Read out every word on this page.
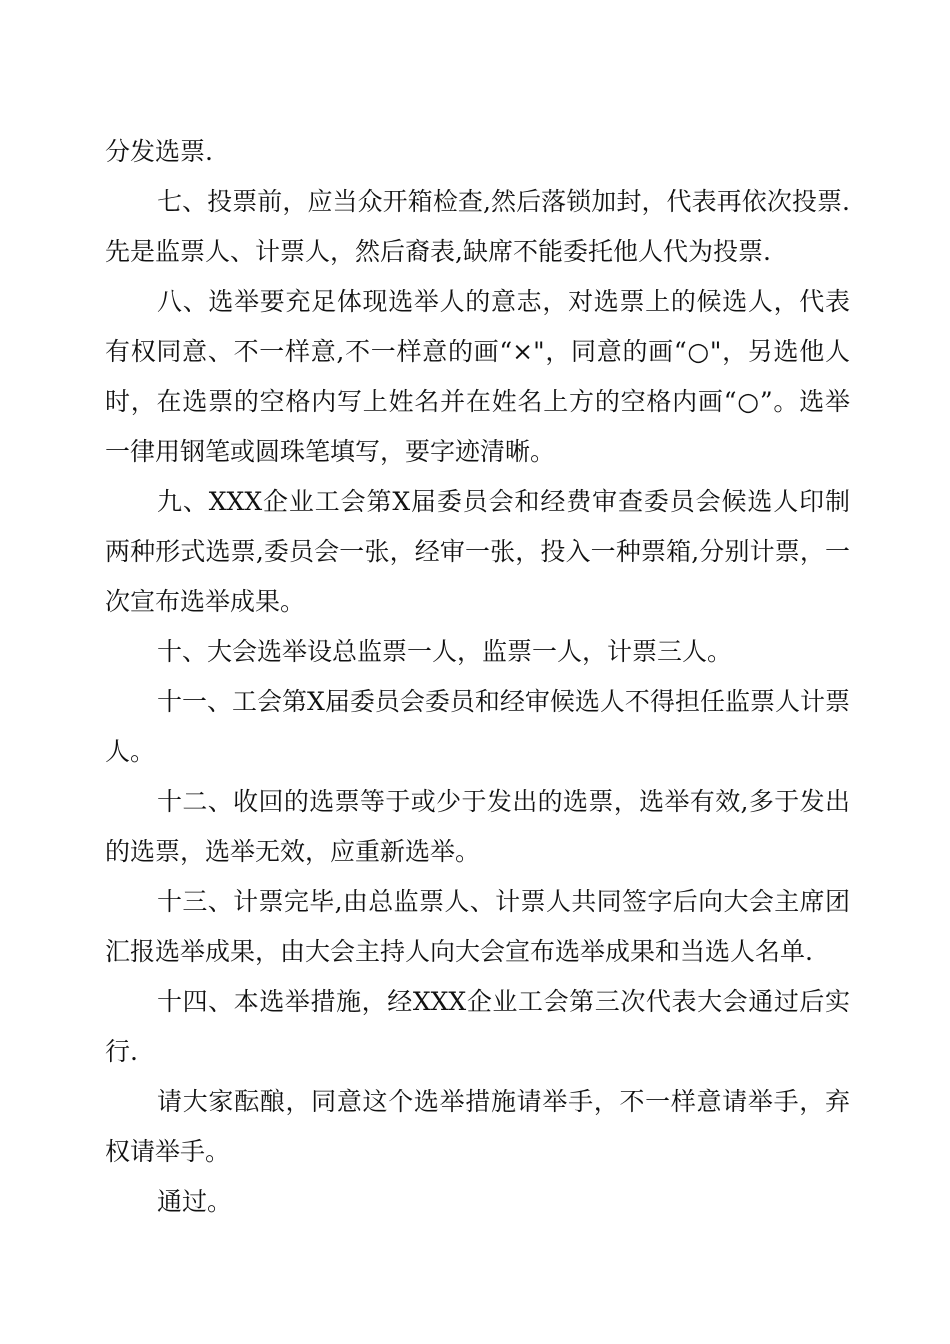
分发选票.

七、投票前，应当众开箱检查,然后落锁加封，代表再依次投票.先是监票人、计票人，然后裔表,缺席不能委托他人代为投票.

八、选举要充足体现选举人的意志，对选票上的候选人，代表有权同意、不一样意,不一样意的画“×"，同意的画“○"，另选他人时，在选票的空格内写上姓名并在姓名上方的空格内画“○”。选举一律用钢笔或圆珠笔填写，要字迹清晰。

九、XXX企业工会第X届委员会和经费审查委员会候选人印制两种形式选票,委员会一张，经审一张，投入一种票箱,分别计票，一次宣布选举成果。

十、大会选举设总监票一人，监票一人，计票三人。

十一、工会第X届委员会委员和经审候选人不得担任监票人计票人。

十二、收回的选票等于或少于发出的选票，选举有效,多于发出的选票，选举无效，应重新选举。

十三、计票完毕,由总监票人、计票人共同签字后向大会主席团汇报选举成果，由大会主持人向大会宣布选举成果和当选人名单.

十四、本选举措施，经XXX企业工会第三次代表大会通过后实行.

请大家酝酿，同意这个选举措施请举手，不一样意请举手，弃权请举手。

通过。
